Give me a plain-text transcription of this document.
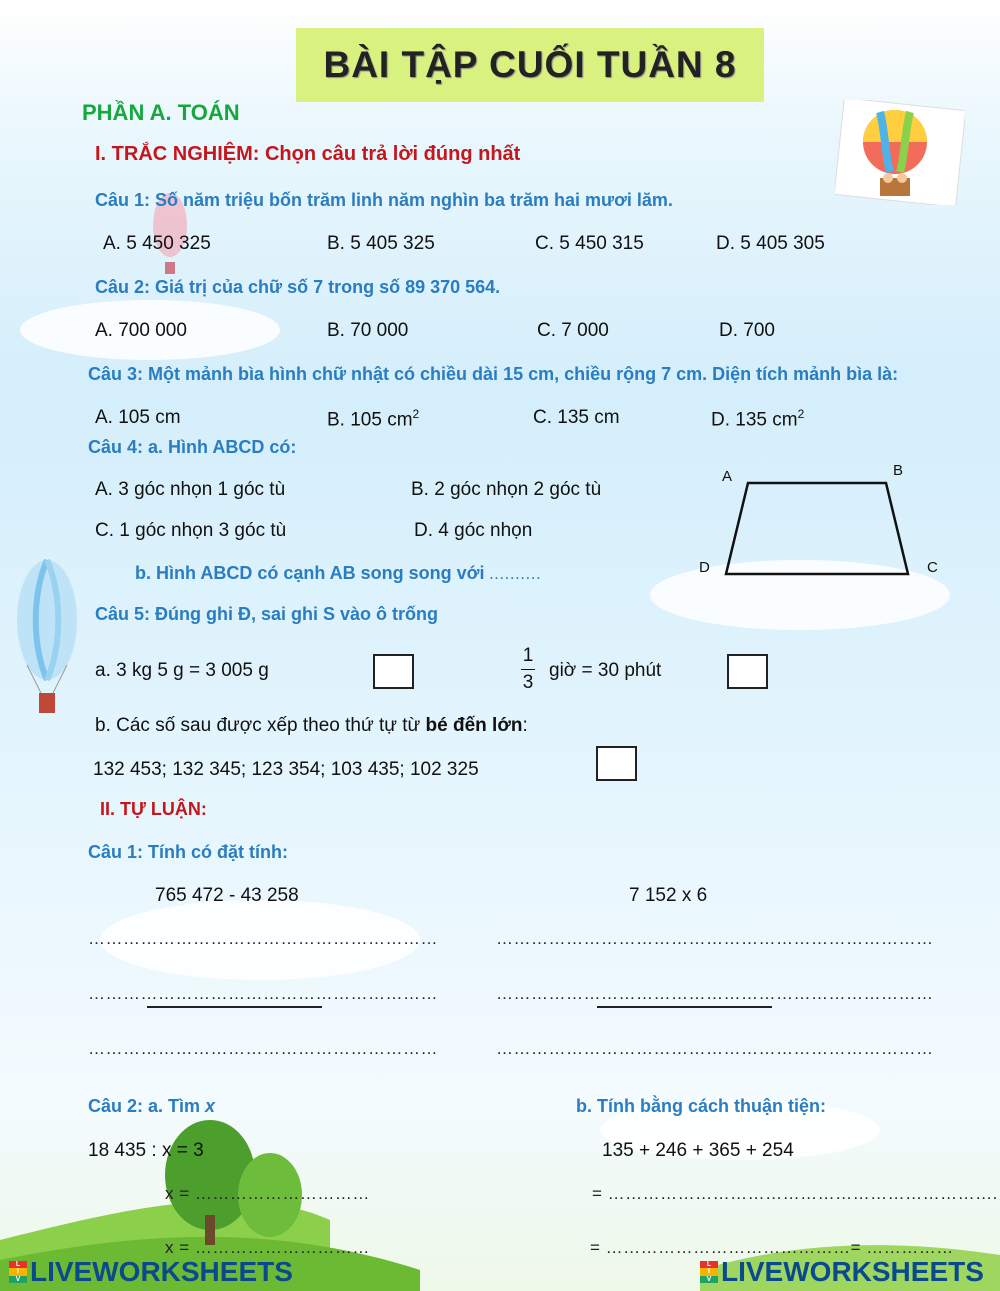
BÀI TẬP CUỐI TUẦN 8
PHẦN A. TOÁN
I. TRẮC NGHIỆM: Chọn câu trả lời đúng nhất
Câu 1: Số năm triệu bốn trăm linh năm nghìn ba trăm hai mươi lăm.
A. 5 450 325	B. 5 405 325	C. 5 450 315	D. 5 405 305
Câu 2: Giá trị của chữ số 7 trong số 89 370 564.
A. 700 000	B. 70 000	C. 7 000	D. 700
Câu 3: Một mảnh bìa hình chữ nhật có chiều dài 15 cm, chiều rộng 7 cm. Diện tích mảnh bìa là:
A. 105 cm	B. 105 $cm^2$	C. 135 cm	D. 135 $cm^2$
Câu 4: a. Hình ABCD có:
A. 3 góc nhọn 1 góc tù	B. 2 góc nhọn 2 góc tù
C. 1 góc nhọn 3 góc tù	D. 4 góc nhọn
b. Hình ABCD có cạnh AB song song với ..........
A	B
C
D
Câu 5: Đúng ghi Đ, sai ghi S vào ô trống
a. 3 kg 5 g = 3 005 g
1
3
giờ = 30 phút
b. Các số sau được xếp theo thứ tự từ bé đến lớn:
132 453; 132 345; 123 354; 103 435; 102 325
II. TỰ LUẬN:
Câu 1: Tính có đặt tính:
765 472 - 43 258	7 152 x 6
……………………………………………………	…………………………………………………………………
……………………………………………………	…………………………………………………………………
……………………………………………………	…………………………………………………………………
Câu 2: a. Tìm x	b. Tính bằng cách thuận tiện:
18 435 : x = 3	135 + 246 + 365 + 254
x = …………………………	= ………………………………………………………….
x = …………………………	= ……………………………………= ……………
L
I
V LIVEWORKSHEETS	L
I
V LIVEWORKSHEETS
